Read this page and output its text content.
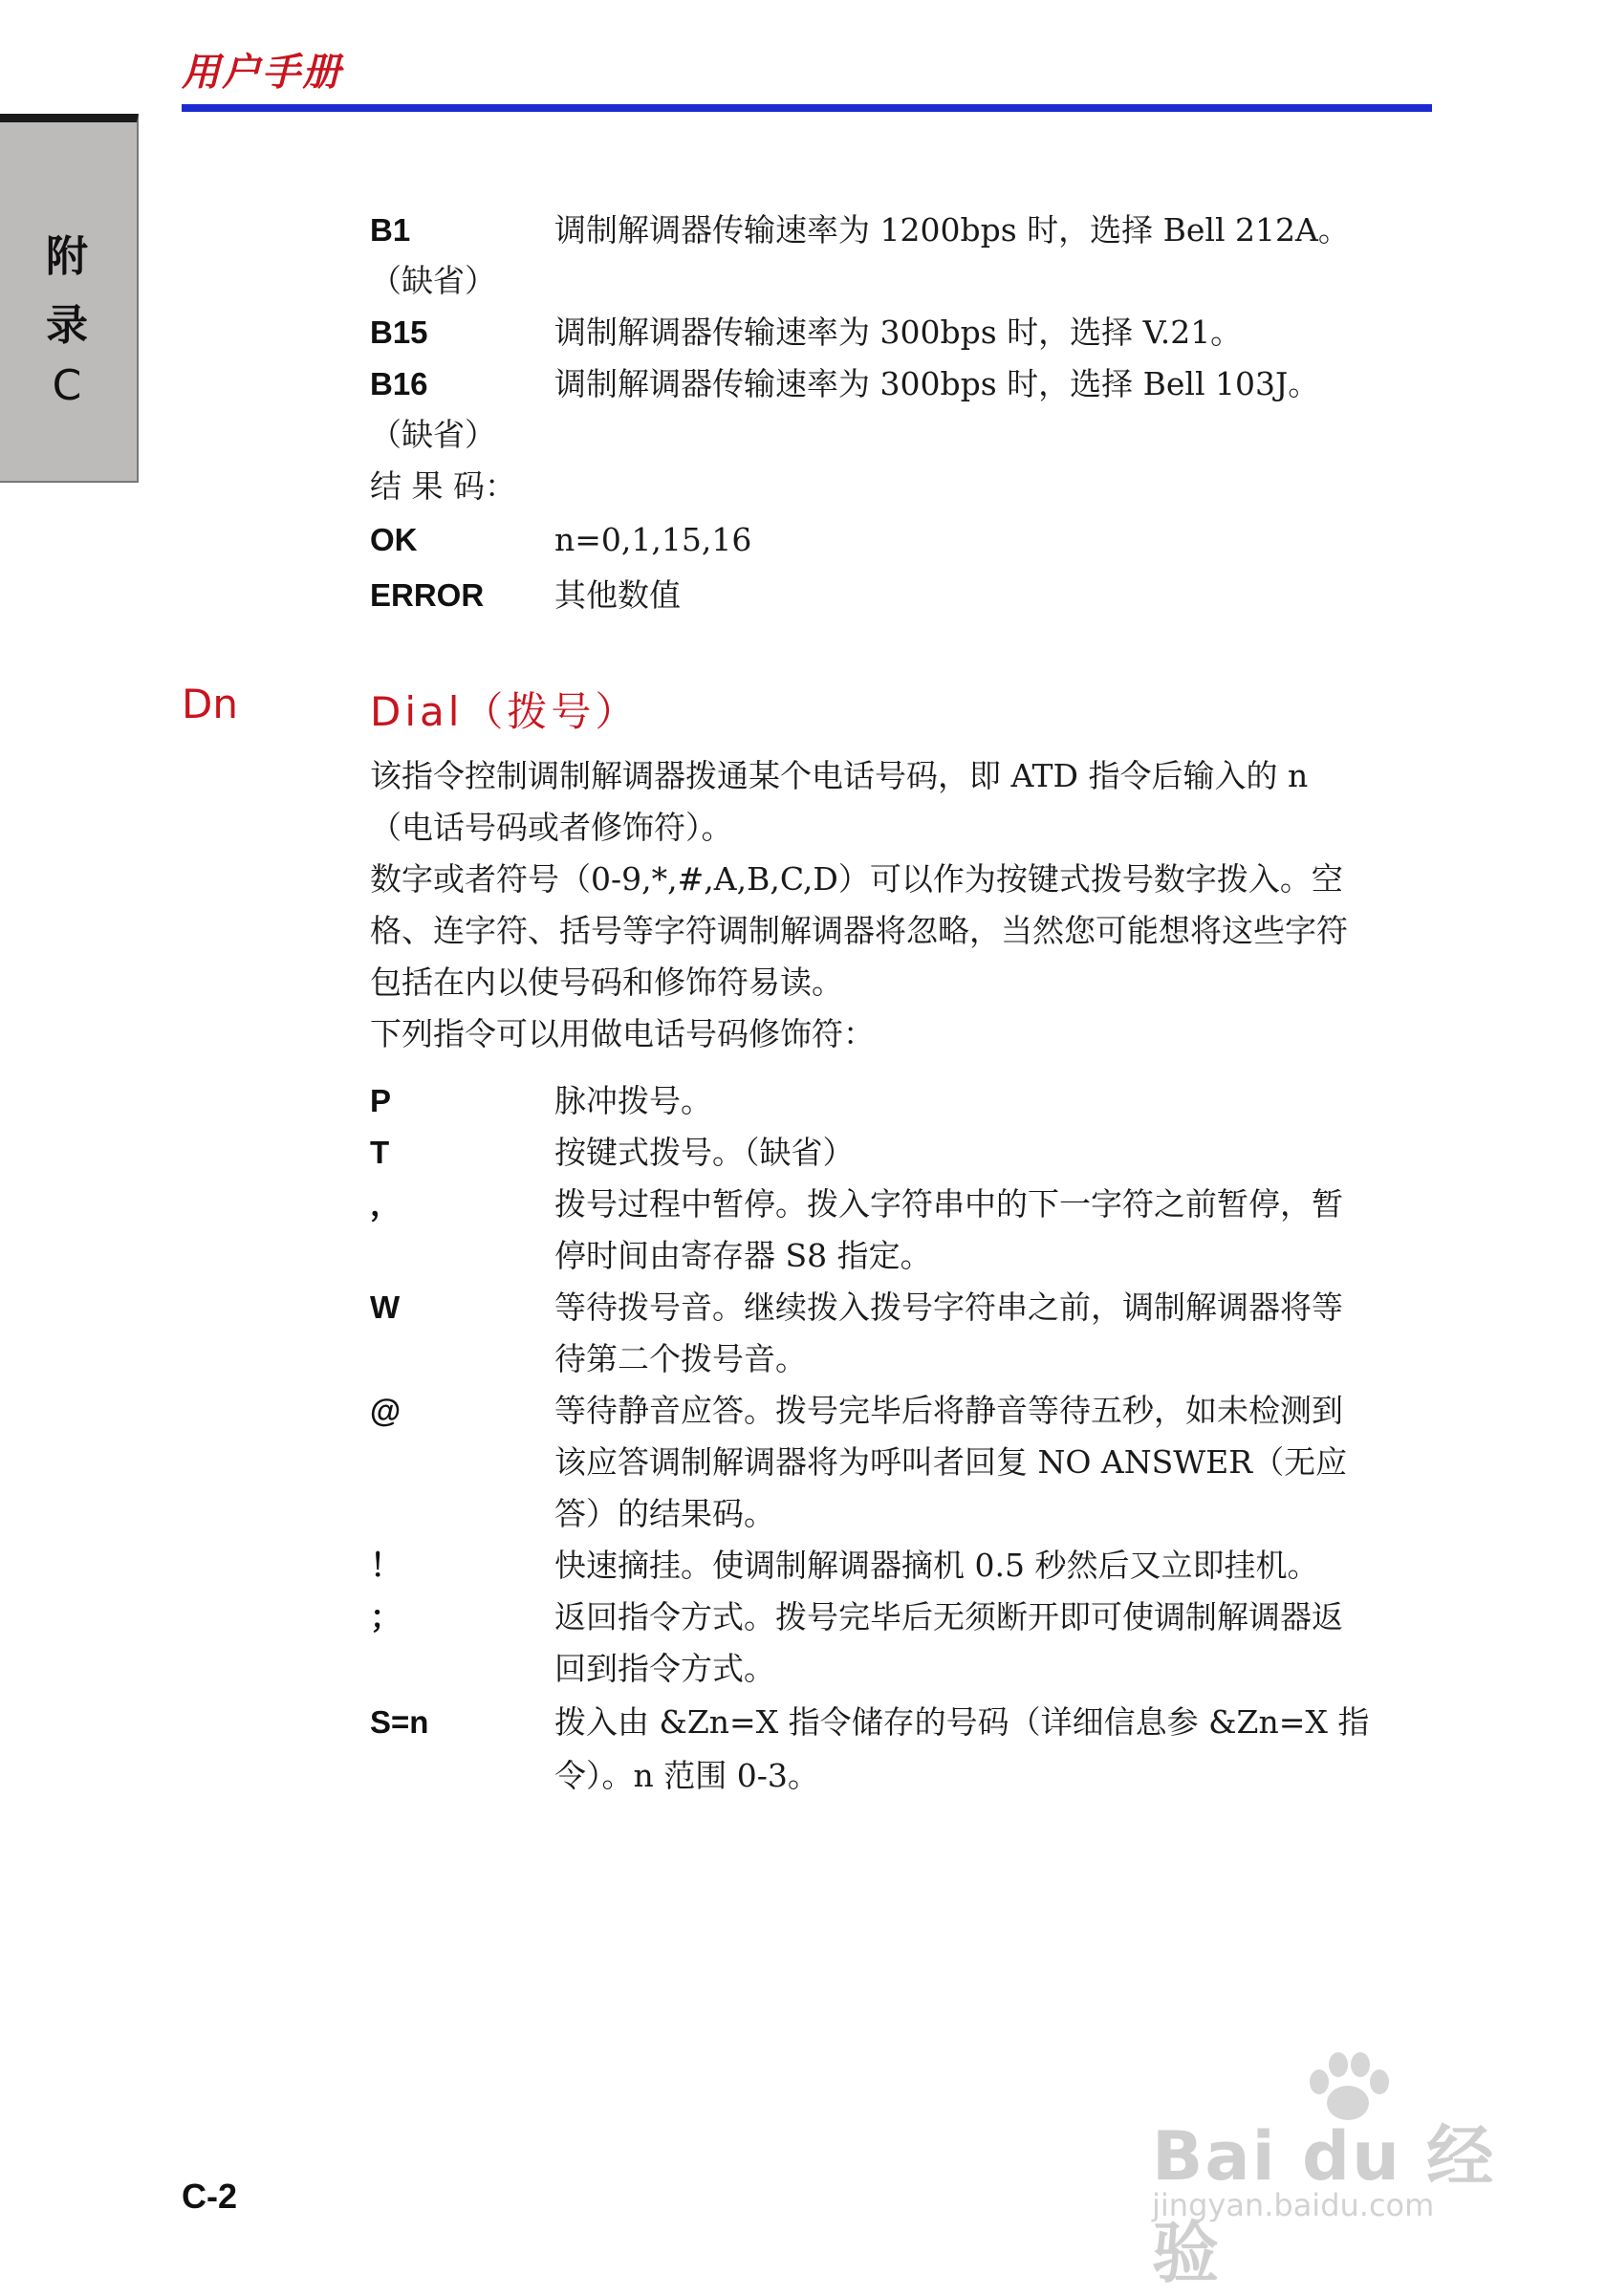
用户手册
附
录
C
B1	调制解调器传输速率为 1200bps 时，选择 Bell 212A。
（缺省）
B15	调制解调器传输速率为 300bps 时，选择 V.21。
B16	调制解调器传输速率为 300bps 时，选择 Bell 103J。
（缺省）
结 果 码：
OK	n=0,1,15,16
ERROR 其他数值
Dn	Dial（拨号）
该指令控制调制解调器拨通某个电话号码，即 ATD 指令后输入的 n
（电话号码或者修饰符）。
数字或者符号（0-9,*,#,A,B,C,D）可以作为按键式拨号数字拨入。空
格、连字符、括号等字符调制解调器将忽略，当然您可能想将这些字符
包括在内以使号码和修饰符易读。
下列指令可以用做电话号码修饰符：
P	脉冲拨号。
T	按键式拨号。（缺省）
，	拨号过程中暂停。拨入字符串中的下一字符之前暂停，暂
停时间由寄存器 S8 指定。
W	等待拨号音。继续拨入拨号字符串之前，调制解调器将等
待第二个拨号音。
@	等待静音应答。拨号完毕后将静音等待五秒，如未检测到
该应答调制解调器将为呼叫者回复 NO ANSWER（无应
答）的结果码。
！	快速摘挂。使调制解调器摘机 0.5 秒然后又立即挂机。
；	返回指令方式。拨号完毕后无须断开即可使调制解调器返
回到指令方式。
S=n	拨入由 &Zn=X 指令储存的号码（详细信息参 &Zn=X 指
令）。n 范围 0-3。
C-2
Bai du 经验
jingyan.baidu.com
